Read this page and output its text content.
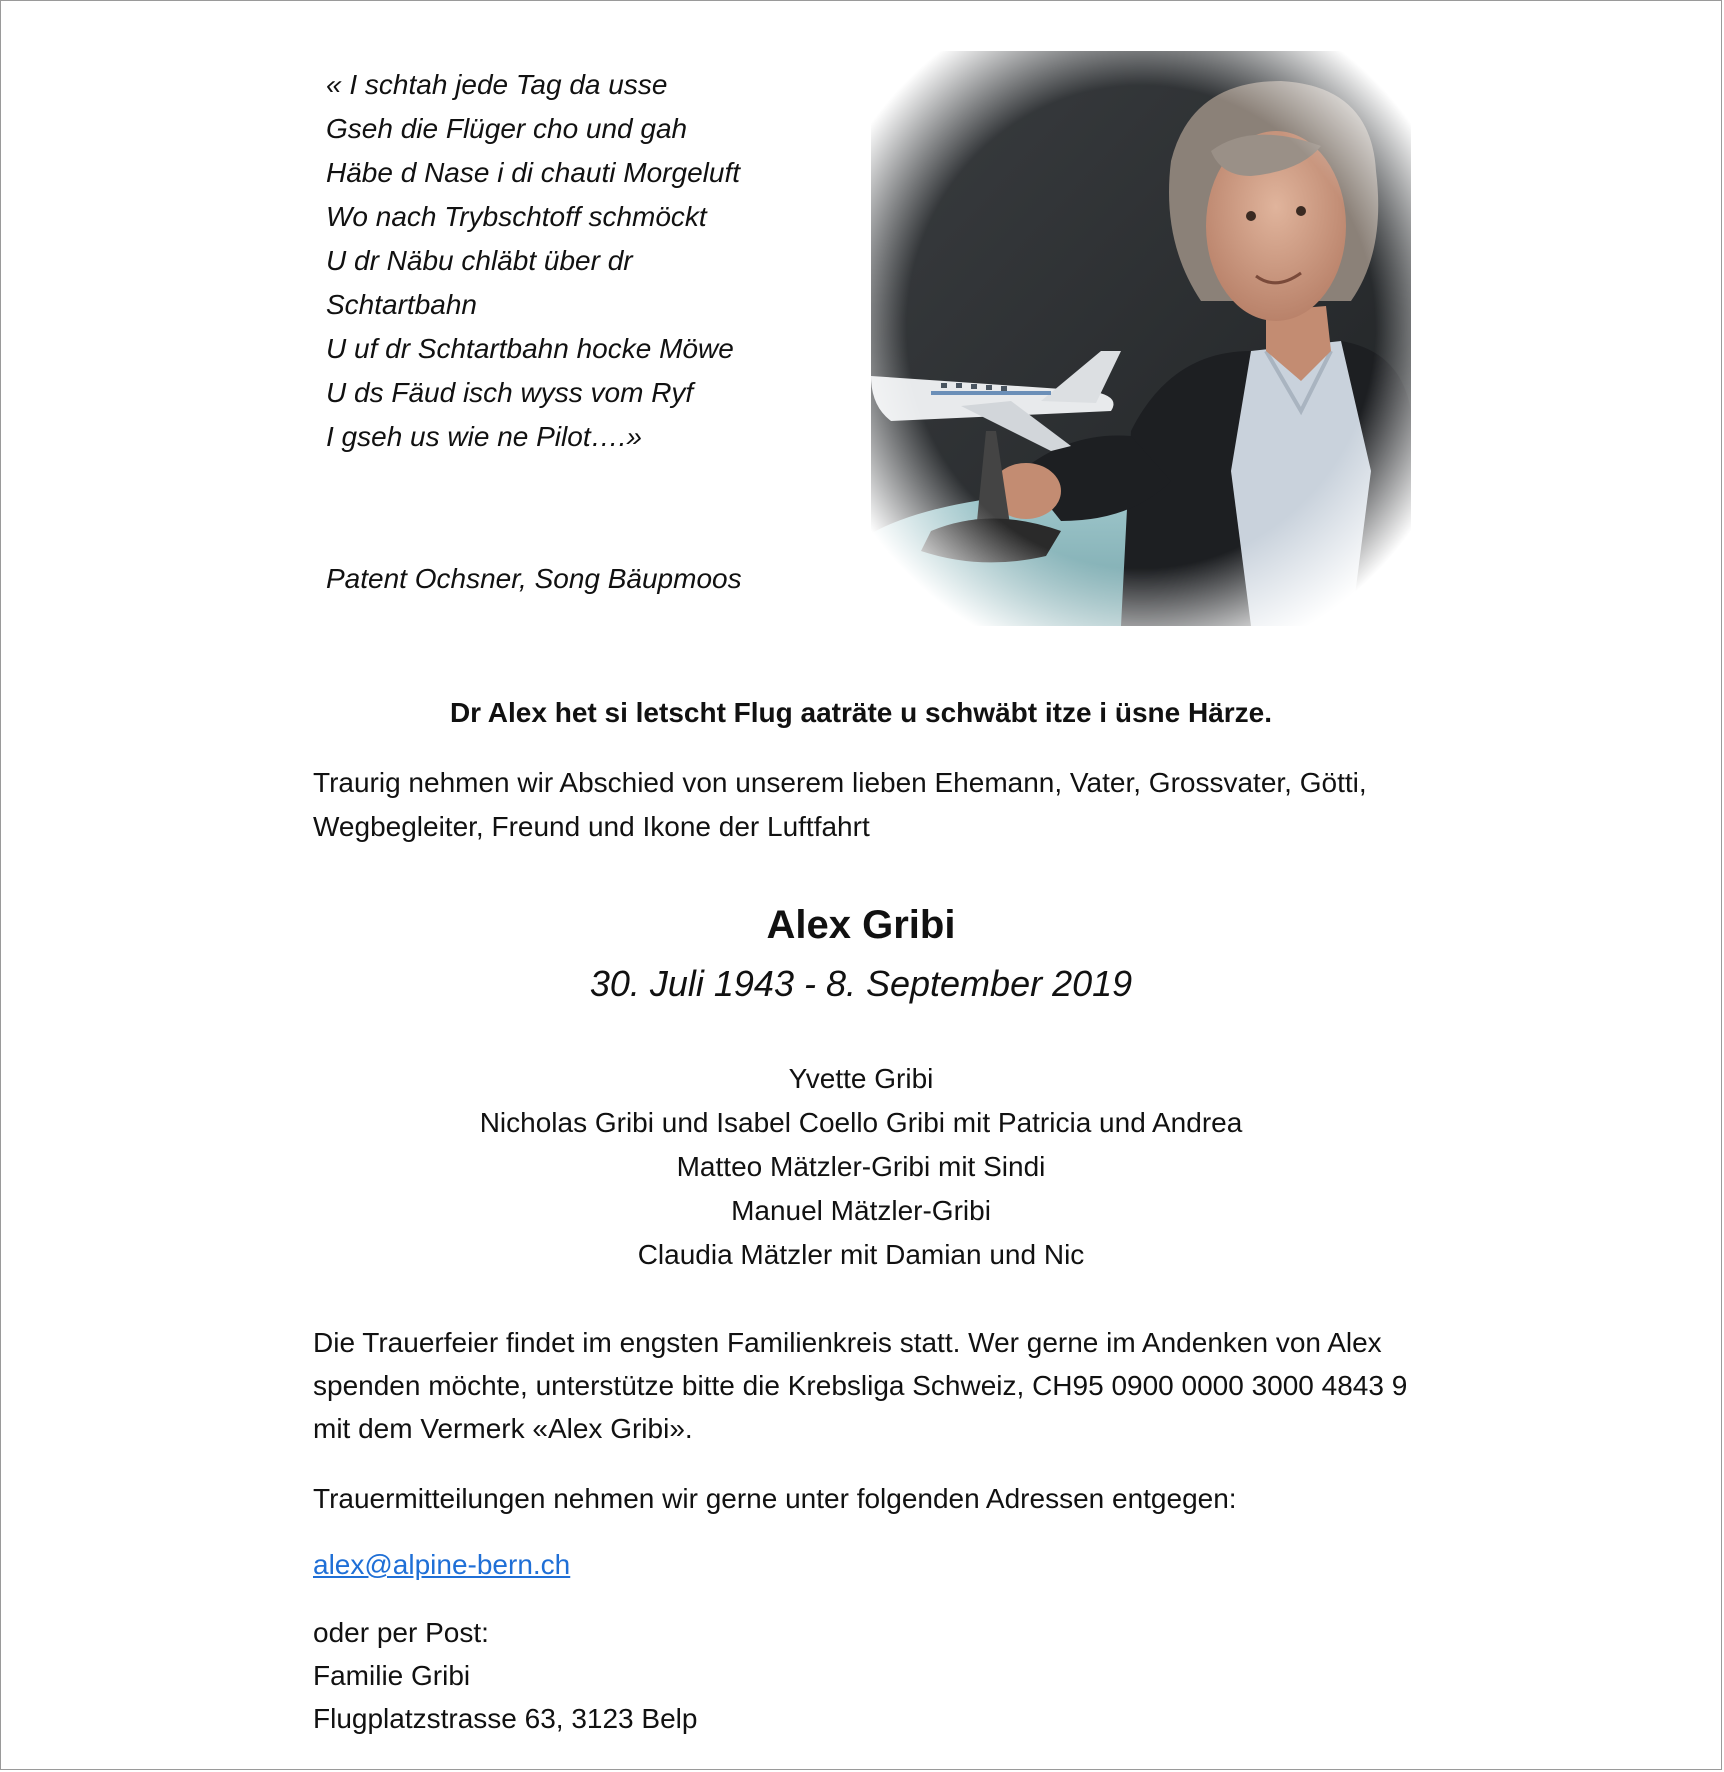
« I schtah jede Tag da usse
Gseh die Flüger cho und gah
Häbe d Nase i di chauti Morgeluft
Wo nach Trybschtoff schmöckt
U dr Näbu chläbt über dr
Schtartbahn
U uf dr Schtartbahn hocke Möwe
U ds Fäud isch wyss vom Ryf
I gseh us wie ne Pilot….»
Patent Ochsner, Song Bäupmoos
Dr Alex het si letscht Flug aaträte u schwäbt itze i üsne Härze.
Traurig nehmen wir Abschied von unserem lieben Ehemann, Vater, Grossvater, Götti, Wegbegleiter, Freund und Ikone der Luftfahrt
Alex Gribi
30. Juli 1943 - 8. September 2019
Yvette Gribi
Nicholas Gribi und Isabel Coello Gribi mit Patricia und Andrea
Matteo Mätzler-Gribi mit Sindi
Manuel Mätzler-Gribi
Claudia Mätzler mit Damian und Nic
Die Trauerfeier findet im engsten Familienkreis statt. Wer gerne im Andenken von Alex spenden möchte, unterstütze bitte die Krebsliga Schweiz, CH95 0900 0000 3000 4843 9 mit dem Vermerk «Alex Gribi».
Trauermitteilungen nehmen wir gerne unter folgenden Adressen entgegen:
alex@alpine-bern.ch
oder per Post:
Familie Gribi
Flugplatzstrasse 63, 3123 Belp
